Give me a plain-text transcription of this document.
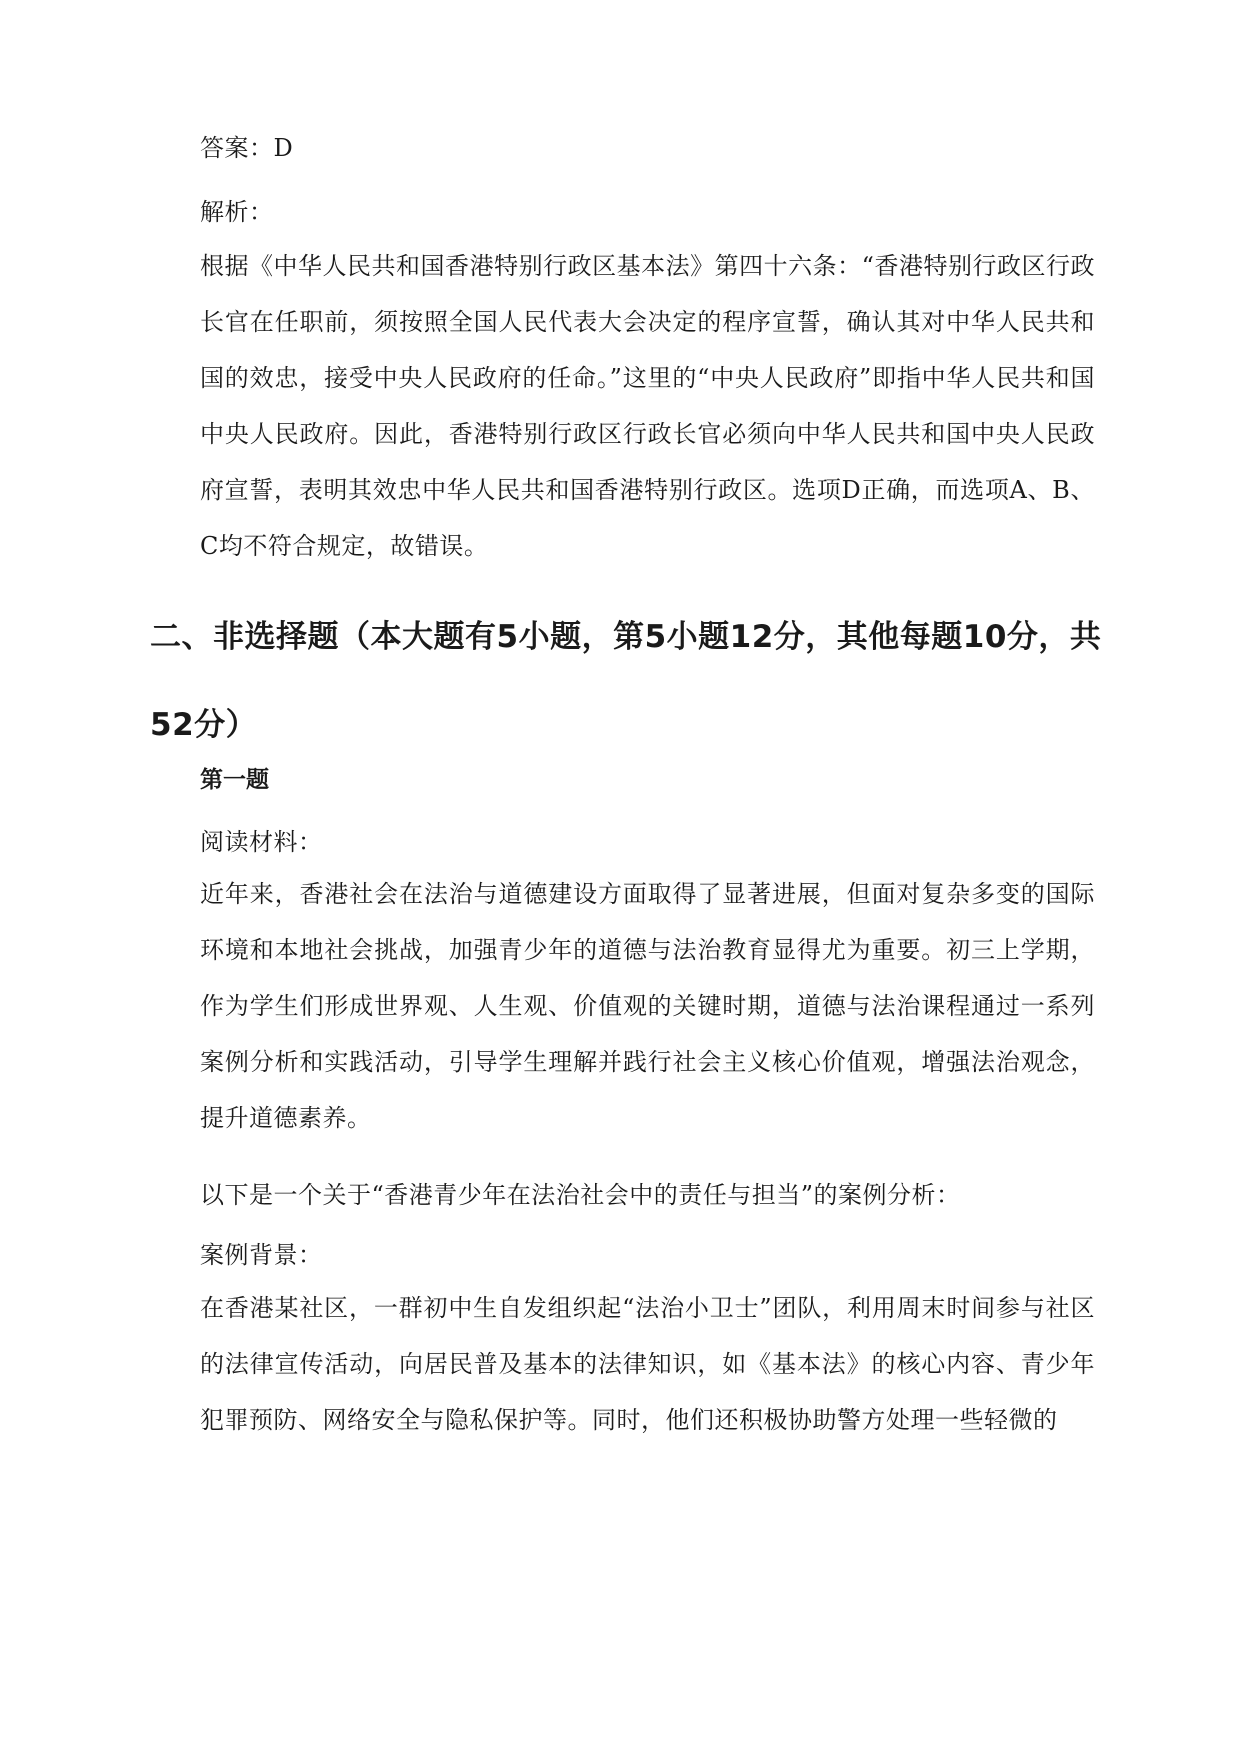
答案：D
解析：
根据《中华人民共和国香港特别行政区基本法》第四十六条：“香港特别行政区行政长官在任职前，须按照全国人民代表大会决定的程序宣誓，确认其对中华人民共和国的效忠，接受中央人民政府的任命。”这里的“中央人民政府”即指中华人民共和国中央人民政府。因此，香港特别行政区行政长官必须向中华人民共和国中央人民政府宣誓，表明其效忠中华人民共和国香港特别行政区。选项D正确，而选项A、B、C均不符合规定，故错误。
二、非选择题（本大题有5小题，第5小题12分，其他每题10分，共52分）
第一题
阅读材料：
近年来，香港社会在法治与道德建设方面取得了显著进展，但面对复杂多变的国际环境和本地社会挑战，加强青少年的道德与法治教育显得尤为重要。初三上学期，作为学生们形成世界观、人生观、价值观的关键时期，道德与法治课程通过一系列案例分析和实践活动，引导学生理解并践行社会主义核心价值观，增强法治观念，提升道德素养。
以下是一个关于“香港青少年在法治社会中的责任与担当”的案例分析：
案例背景：
在香港某社区，一群初中生自发组织起“法治小卫士”团队，利用周末时间参与社区的法律宣传活动，向居民普及基本的法律知识，如《基本法》的核心内容、青少年犯罪预防、网络安全与隐私保护等。同时，他们还积极协助警方处理一些轻微的
